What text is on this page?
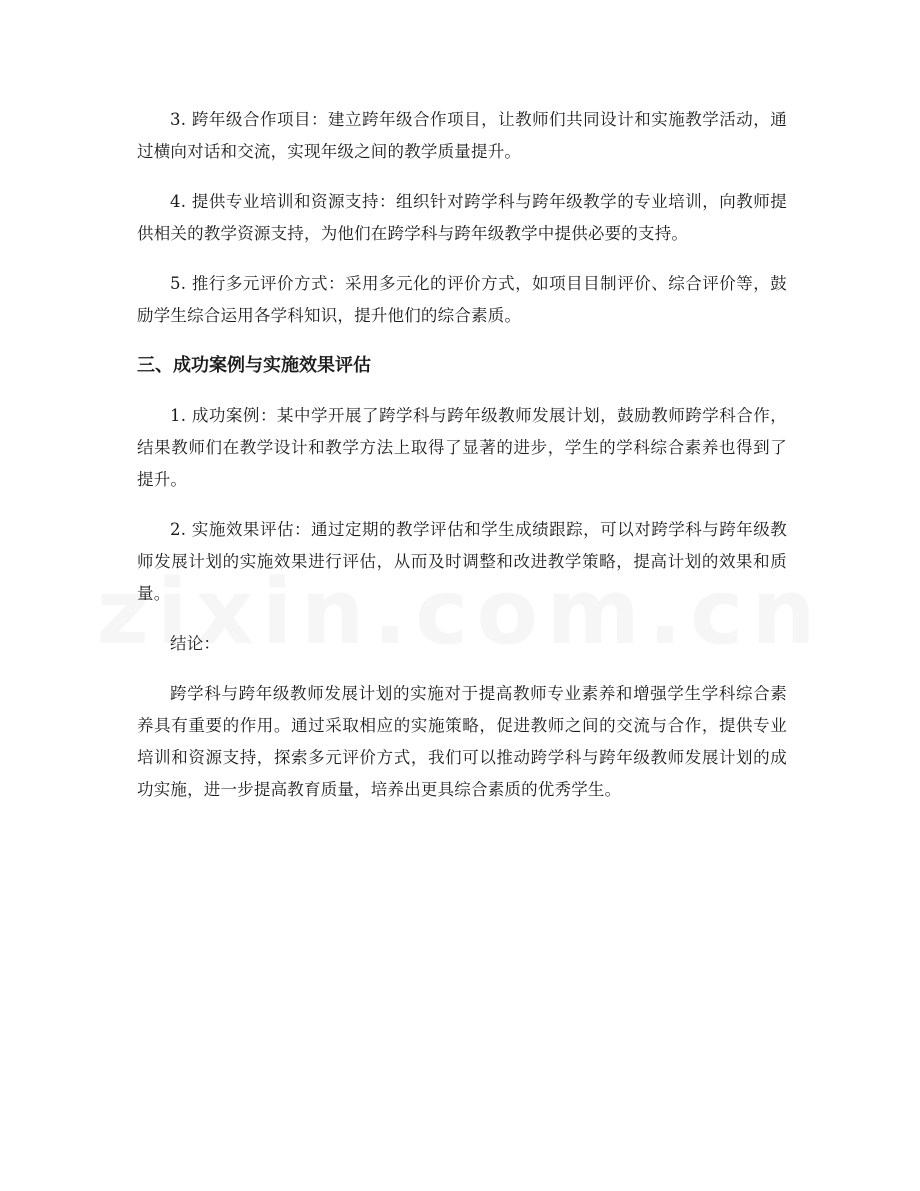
3. 跨年级合作项目：建立跨年级合作项目，让教师们共同设计和实施教学活动，通过横向对话和交流，实现年级之间的教学质量提升。

4. 提供专业培训和资源支持：组织针对跨学科与跨年级教学的专业培训，向教师提供相关的教学资源支持，为他们在跨学科与跨年级教学中提供必要的支持。

5. 推行多元评价方式：采用多元化的评价方式，如项目目制评价、综合评价等，鼓励学生综合运用各学科知识，提升他们的综合素质。

三、成功案例与实施效果评估

1. 成功案例：某中学开展了跨学科与跨年级教师发展计划，鼓励教师跨学科合作，结果教师们在教学设计和教学方法上取得了显著的进步，学生的学科综合素养也得到了提升。

2. 实施效果评估：通过定期的教学评估和学生成绩跟踪，可以对跨学科与跨年级教师发展计划的实施效果进行评估，从而及时调整和改进教学策略，提高计划的效果和质量。

结论：

跨学科与跨年级教师发展计划的实施对于提高教师专业素养和增强学生学科综合素养具有重要的作用。通过采取相应的实施策略，促进教师之间的交流与合作，提供专业培训和资源支持，探索多元评价方式，我们可以推动跨学科与跨年级教师发展计划的成功实施，进一步提高教育质量，培养出更具综合素质的优秀学生。
